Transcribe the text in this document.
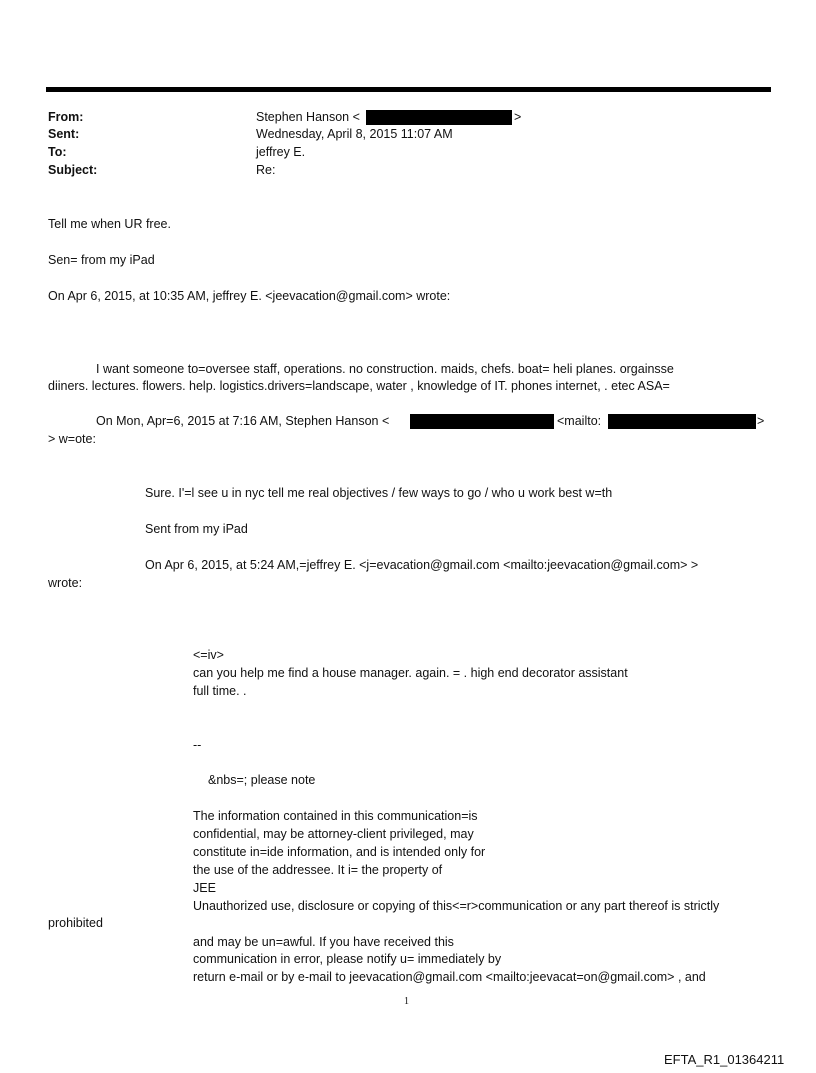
From:	Stephen Hanson <	>
Sent:	Wednesday, April 8, 2015 11:07 AM
To:	jeffrey E.
Subject:	Re:
Tell me when UR free.
Sen= from my iPad
On Apr 6, 2015, at 10:35 AM, jeffrey E. <jeevacation@gmail.com> wrote:
I want someone to=oversee staff, operations. no construction. maids, chefs. boat= heli planes. orgainsse
diiners. lectures. flowers. help. logistics.drivers=landscape, water , knowledge of IT. phones internet, . etec ASA=
On Mon, Apr=6, 2015 at 7:16 AM, Stephen Hanson <	<mailto:	>
> w=ote:
Sure. I'=l see u in nyc tell me real objectives / few ways to go / who u work best w=th
Sent from my iPad
On Apr 6, 2015, at 5:24 AM,=jeffrey E. <j=evacation@gmail.com <mailto:jeevacation@gmail.com> >
wrote:
<=iv>
can you help me find a house manager. again. = . high end decorator assistant
full time. .
--
&nbs=; please note
The information contained in this communication=is
confidential, may be attorney-client privileged, may
constitute in=ide information, and is intended only for
the use of the addressee. It i= the property of
JEE
Unauthorized use, disclosure or copying of this<=r>communication or any part thereof is strictly
prohibited
and may be un=awful. If you have received this
communication in error, please notify u= immediately by
return e-mail or by e-mail to jeevacation@gmail.com <mailto:jeevacat=on@gmail.com> , and
1
EFTA_R1_01364211
